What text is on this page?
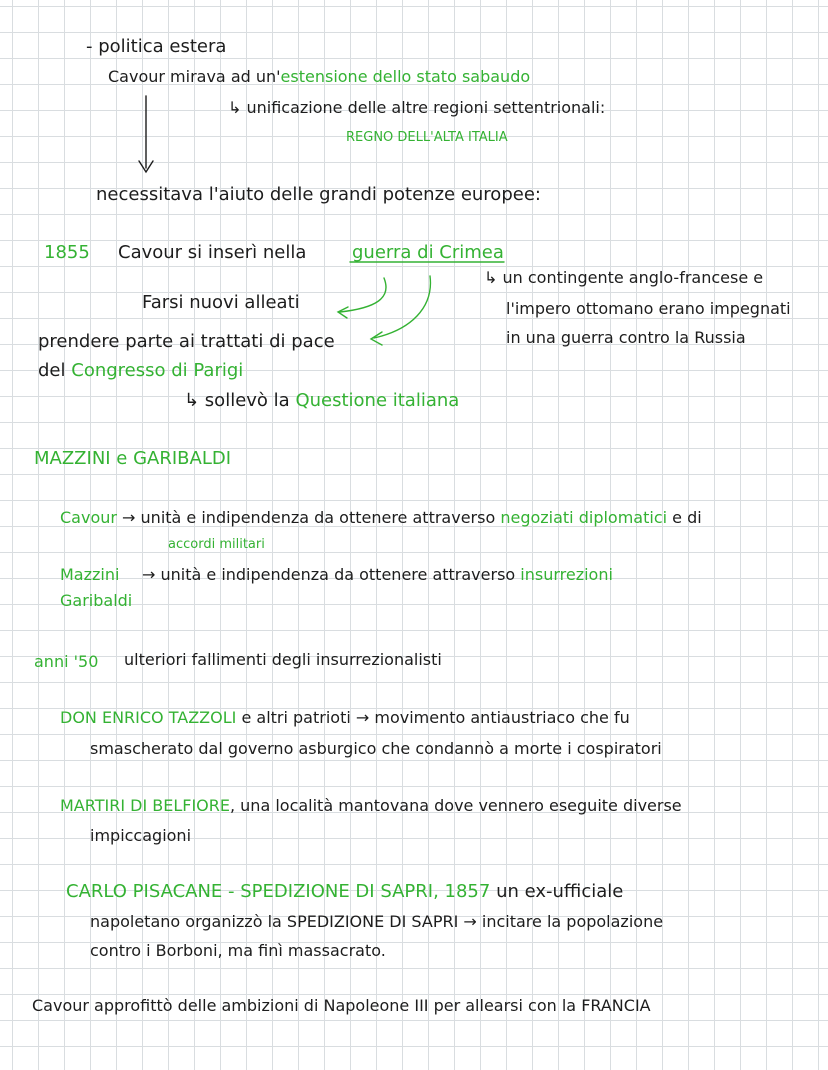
- politica estera
Cavour mirava ad un'estensione dello stato sabaudo
↳ unificazione delle altre regioni settentrionali:
REGNO DELL'ALTA ITALIA
necessitava l'aiuto delle grandi potenze europee:
1855 Cavour si inserì nella	guerra di Crimea
↳ un contingente anglo-francese e
l'impero ottomano erano impegnati
in una guerra contro la Russia
Farsi nuovi alleati
prendere parte ai trattati di pace
del Congresso di Parigi
↳ sollevò la Questione italiana
MAZZINI e GARIBALDI
Cavour → unità e indipendenza da ottenere attraverso negoziati diplomatici e di
accordi militari
Mazzini
Garibaldi
→ unità e indipendenza da ottenere attraverso insurrezioni
anni '50 ulteriori fallimenti degli insurrezionalisti
DON ENRICO TAZZOLI e altri patrioti → movimento antiaustriaco che fu
smascherato dal governo asburgico che condannò a morte i cospiratori
MARTIRI DI BELFIORE, una località mantovana dove vennero eseguite diverse
impiccagioni
CARLO PISACANE - SPEDIZIONE DI SAPRI, 1857 un ex-ufficiale
napoletano organizzò la SPEDIZIONE DI SAPRI → incitare la popolazione
contro i Borboni, ma finì massacrato.
Cavour approfittò delle ambizioni di Napoleone III per allearsi con la FRANCIA
